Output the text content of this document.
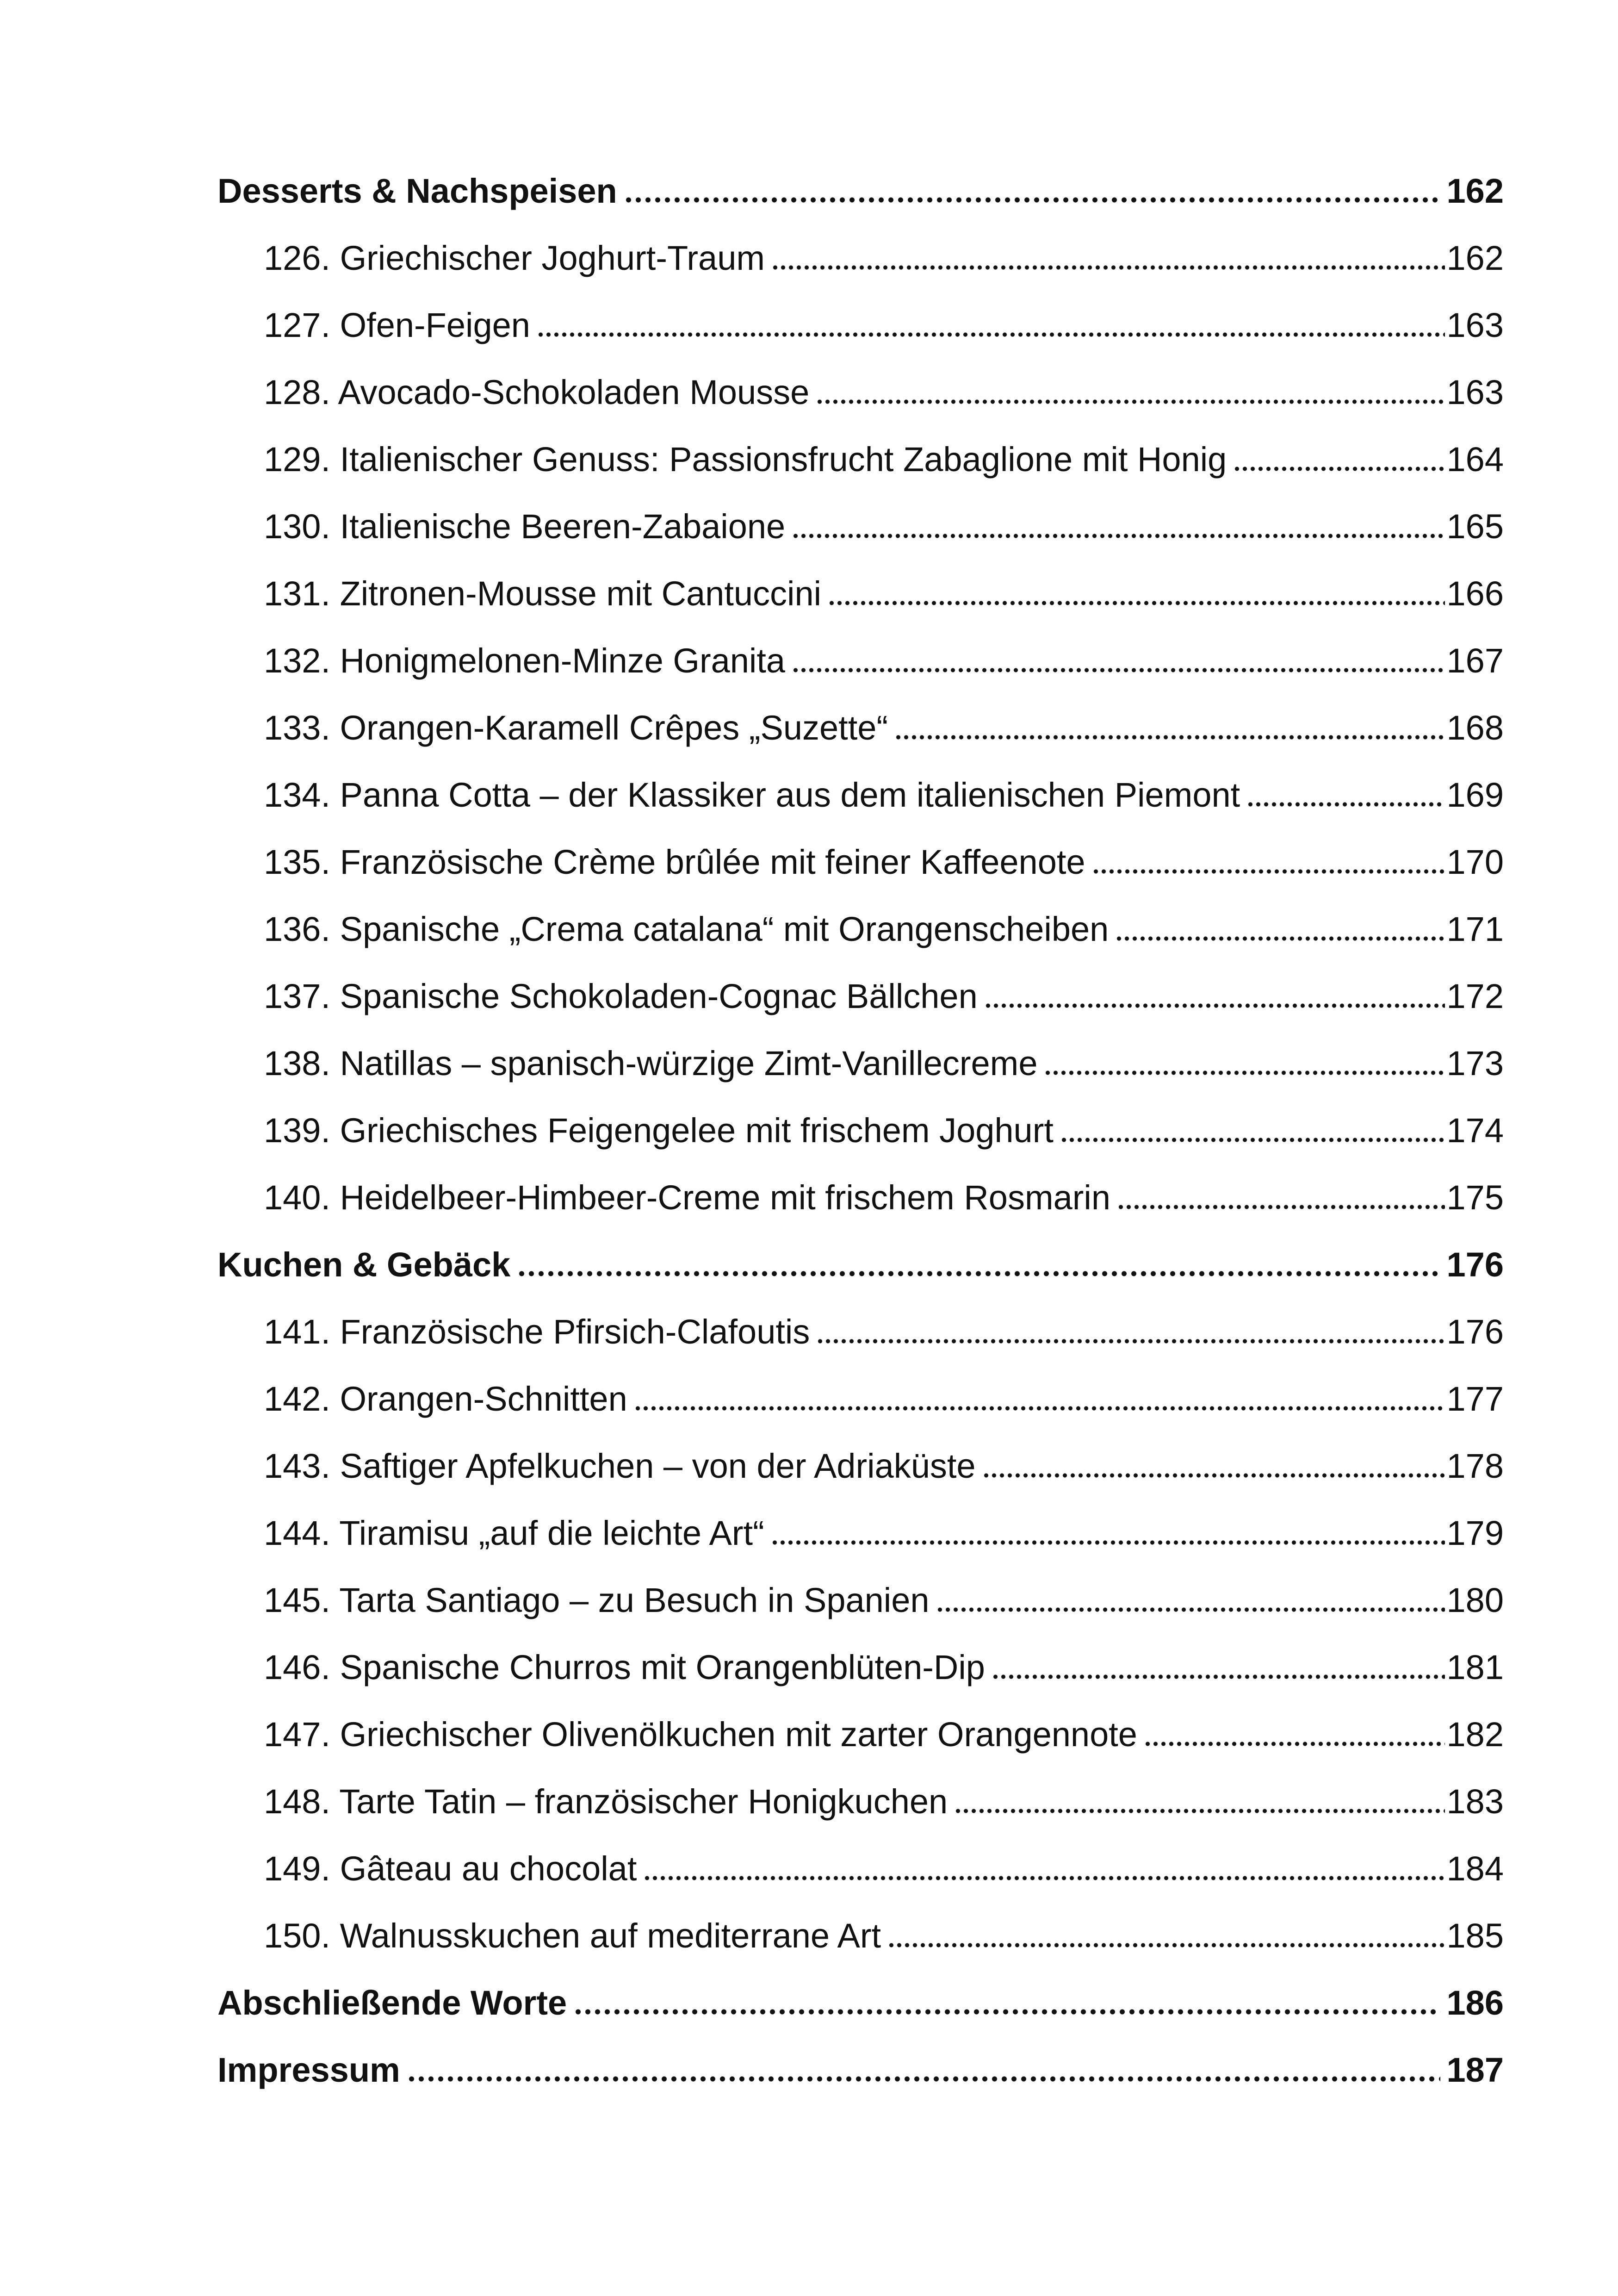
Desserts & Nachspeisen	162
126. Griechischer Joghurt-Traum	162
127. Ofen-Feigen	163
128. Avocado-Schokoladen Mousse	163
129. Italienischer Genuss: Passionsfrucht Zabaglione mit Honig	164
130. Italienische Beeren-Zabaione	165
131. Zitronen-Mousse mit Cantuccini	166
132. Honigmelonen-Minze Granita	167
133. Orangen-Karamell Crêpes „Suzette“	168
134. Panna Cotta – der Klassiker aus dem italienischen Piemont	169
135. Französische Crème brûlée mit feiner Kaffeenote	170
136. Spanische „Crema catalana“ mit Orangenscheiben	171
137. Spanische Schokoladen-Cognac Bällchen	172
138. Natillas – spanisch-würzige Zimt-Vanillecreme	173
139. Griechisches Feigengelee mit frischem Joghurt	174
140. Heidelbeer-Himbeer-Creme mit frischem Rosmarin	175
Kuchen & Gebäck	176
141. Französische Pfirsich-Clafoutis	176
142. Orangen-Schnitten	177
143. Saftiger Apfelkuchen – von der Adriaküste	178
144. Tiramisu „auf die leichte Art“	179
145. Tarta Santiago – zu Besuch in Spanien	180
146. Spanische Churros mit Orangenblüten-Dip	181
147. Griechischer Olivenölkuchen mit zarter Orangennote	182
148. Tarte Tatin – französischer Honigkuchen	183
149. Gâteau au chocolat	184
150. Walnusskuchen auf mediterrane Art	185
Abschließende Worte	186
Impressum	187
